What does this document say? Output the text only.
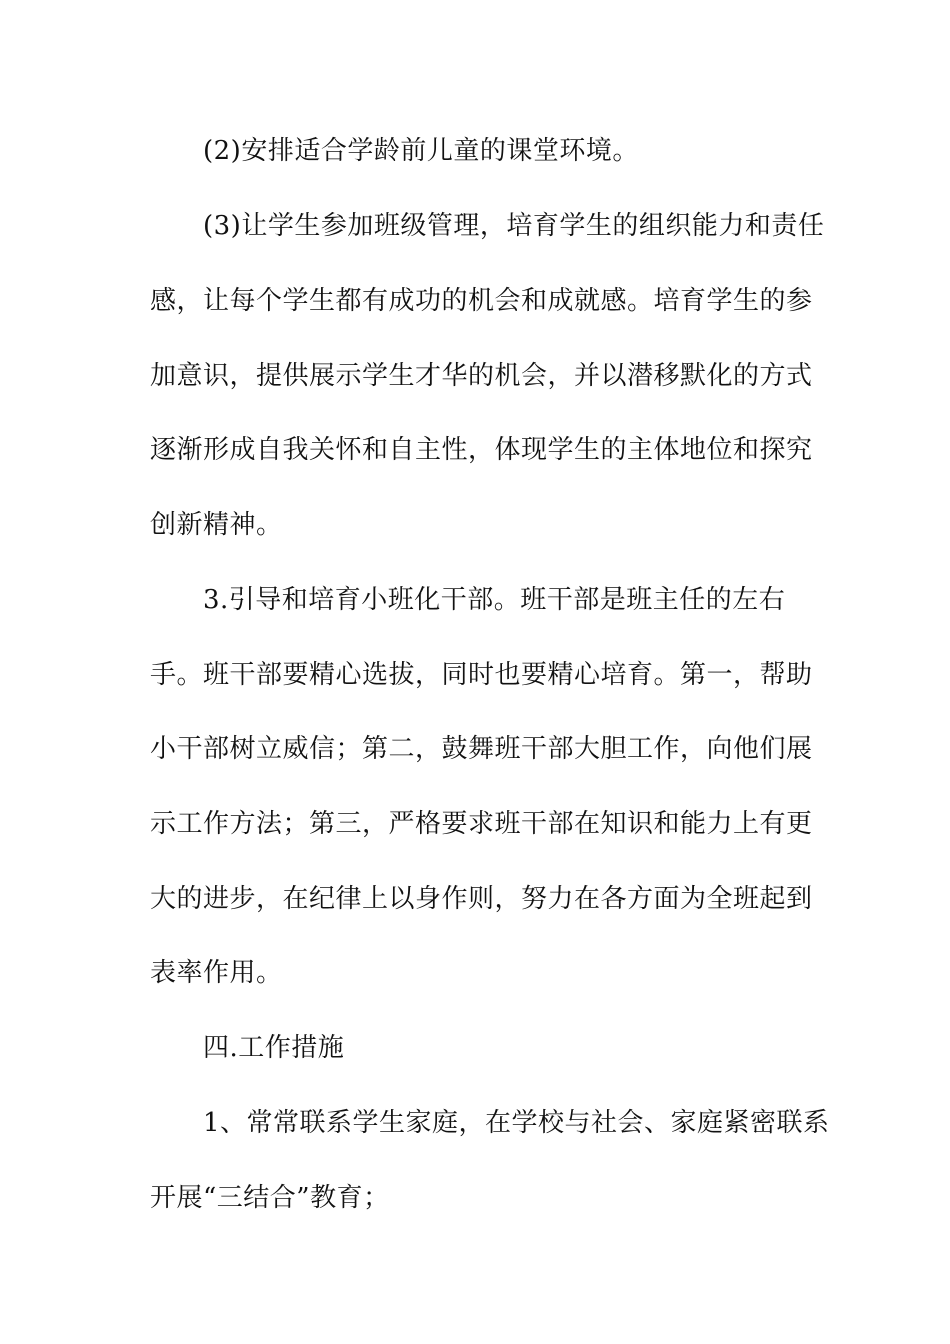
(2)安排适合学龄前儿童的课堂环境。
(3)让学生参加班级管理，培育学生的组织能力和责任
感，让每个学生都有成功的机会和成就感。培育学生的参
加意识，提供展示学生才华的机会，并以潜移默化的方式
逐渐形成自我关怀和自主性，体现学生的主体地位和探究
创新精神。
3.引导和培育小班化干部。班干部是班主任的左右
手。班干部要精心选拔，同时也要精心培育。第一，帮助
小干部树立威信；第二，鼓舞班干部大胆工作，向他们展
示工作方法；第三，严格要求班干部在知识和能力上有更
大的进步，在纪律上以身作则，努力在各方面为全班起到
表率作用。
四.工作措施
1、常常联系学生家庭，在学校与社会、家庭紧密联系
开展“三结合”教育；
